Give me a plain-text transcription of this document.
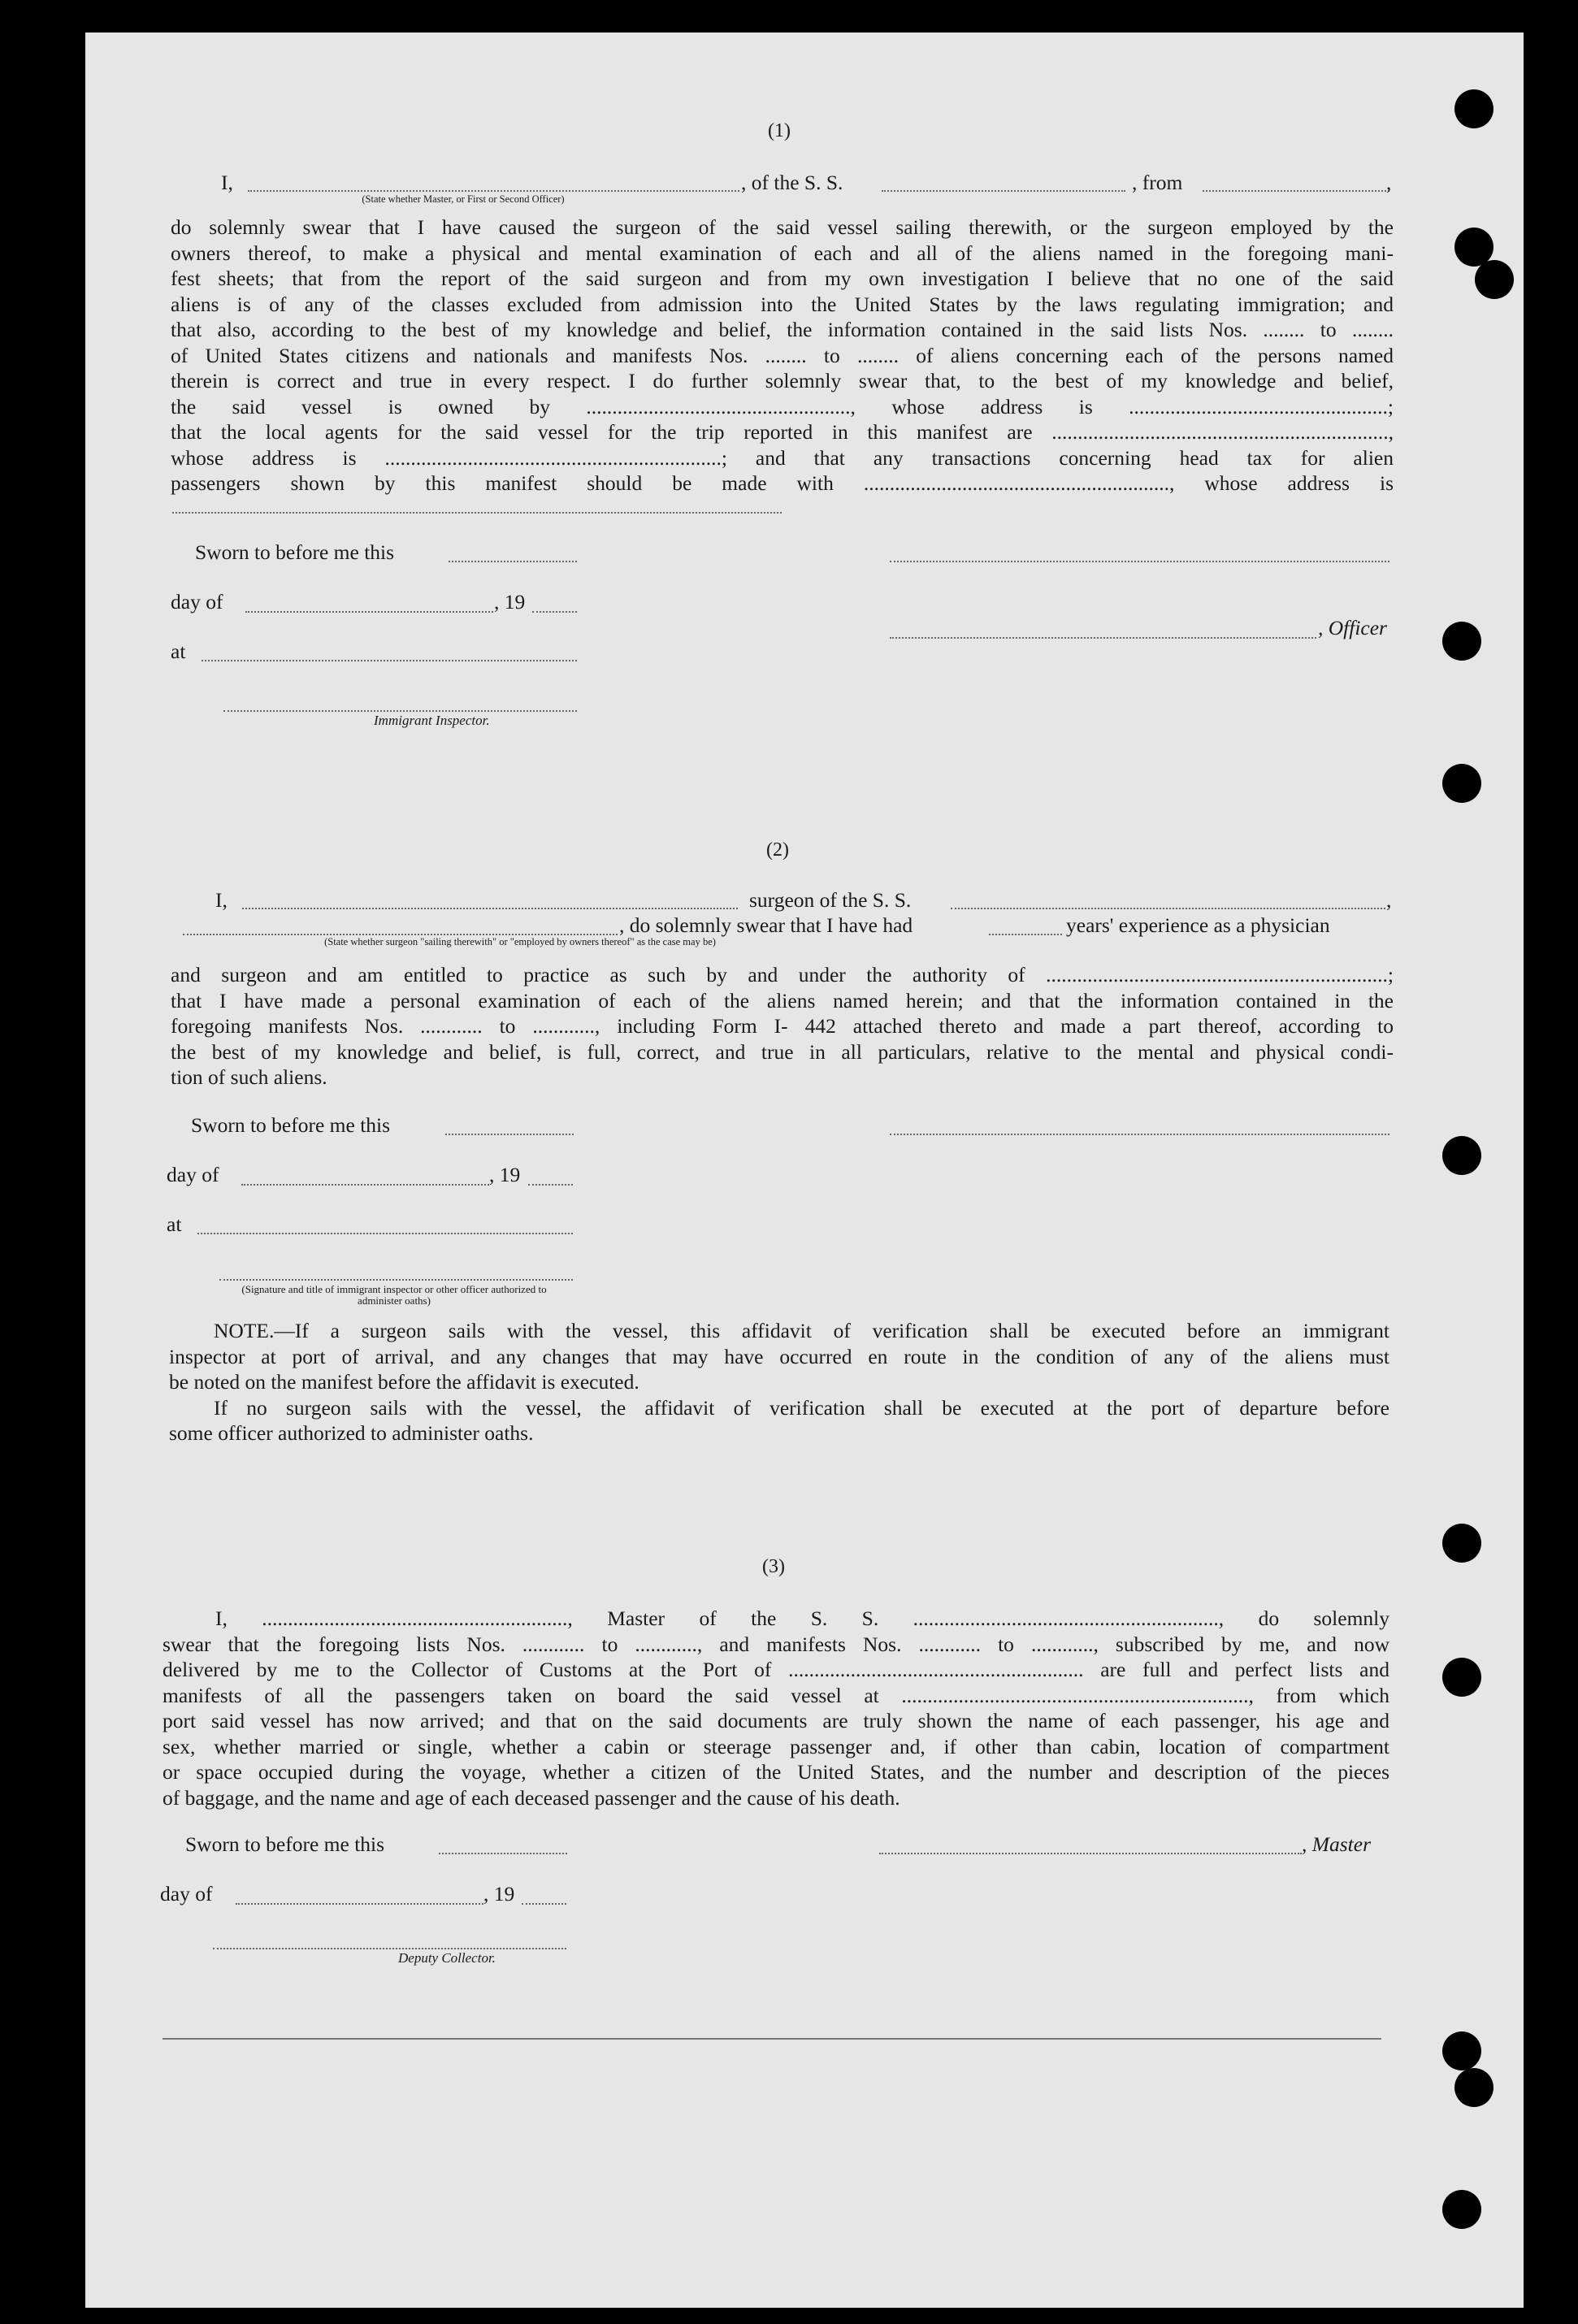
(1)
I,	, of the S. S.	, from	,
(State whether Master, or First or Second Officer)
do solemnly swear that I have caused the surgeon of the said vessel sailing therewith, or the surgeon employed by the
owners thereof, to make a physical and mental examination of each and all of the aliens named in the foregoing mani-
fest sheets; that from the report of the said surgeon and from my own investigation I believe that no one of the said
aliens is of any of the classes excluded from admission into the United States by the laws regulating immigration; and
that also, according to the best of my knowledge and belief, the information contained in the said lists Nos. ........ to ........
of United States citizens and nationals and manifests Nos. ........ to ........ of aliens concerning each of the persons named
therein is correct and true in every respect. I do further solemnly swear that, to the best of my knowledge and belief,
the said vessel is owned by ..................................................., whose address is ..................................................;
that the local agents for the said vessel for the trip reported in this manifest are .................................................................,
whose address is .................................................................; and that any transactions concerning head tax for alien
passengers shown by this manifest should be made with ..........................................................., whose address is
Sworn to before me this
day of	, 19
, Officer
at
Immigrant Inspector.
(2)
I,	surgeon of the S. S.	,
, do solemnly swear that I have had	years' experience as a physician
(State whether surgeon "sailing therewith" or "employed by owners thereof" as the case may be)
and surgeon and am entitled to practice as such by and under the authority of ..................................................................;
that I have made a personal examination of each of the aliens named herein; and that the information contained in the
foregoing manifests Nos. ............ to ............, including Form I- 442 attached thereto and made a part thereof, according to
the best of my knowledge and belief, is full, correct, and true in all particulars, relative to the mental and physical condi-
tion of such aliens.
Sworn to before me this
day of	, 19
at
(Signature and title of immigrant inspector or other officer authorized to administer oaths)
NOTE.—If a surgeon sails with the vessel, this affidavit of verification shall be executed before an immigrant
inspector at port of arrival, and any changes that may have occurred en route in the condition of any of the aliens must
be noted on the manifest before the affidavit is executed.
If no surgeon sails with the vessel, the affidavit of verification shall be executed at the port of departure before
some officer authorized to administer oaths.
(3)
I, ..........................................................., Master of the S. S. ..........................................................., do solemnly
swear that the foregoing lists Nos. ............ to ............, and manifests Nos. ............ to ............, subscribed by me, and now
delivered by me to the Collector of Customs at the Port of ......................................................... are full and perfect lists and
manifests of all the passengers taken on board the said vessel at ..................................................................., from which
port said vessel has now arrived; and that on the said documents are truly shown the name of each passenger, his age and
sex, whether married or single, whether a cabin or steerage passenger and, if other than cabin, location of compartment
or space occupied during the voyage, whether a citizen of the United States, and the number and description of the pieces
of baggage, and the name and age of each deceased passenger and the cause of his death.
Sworn to before me this	, Master
day of	, 19
Deputy Collector.
